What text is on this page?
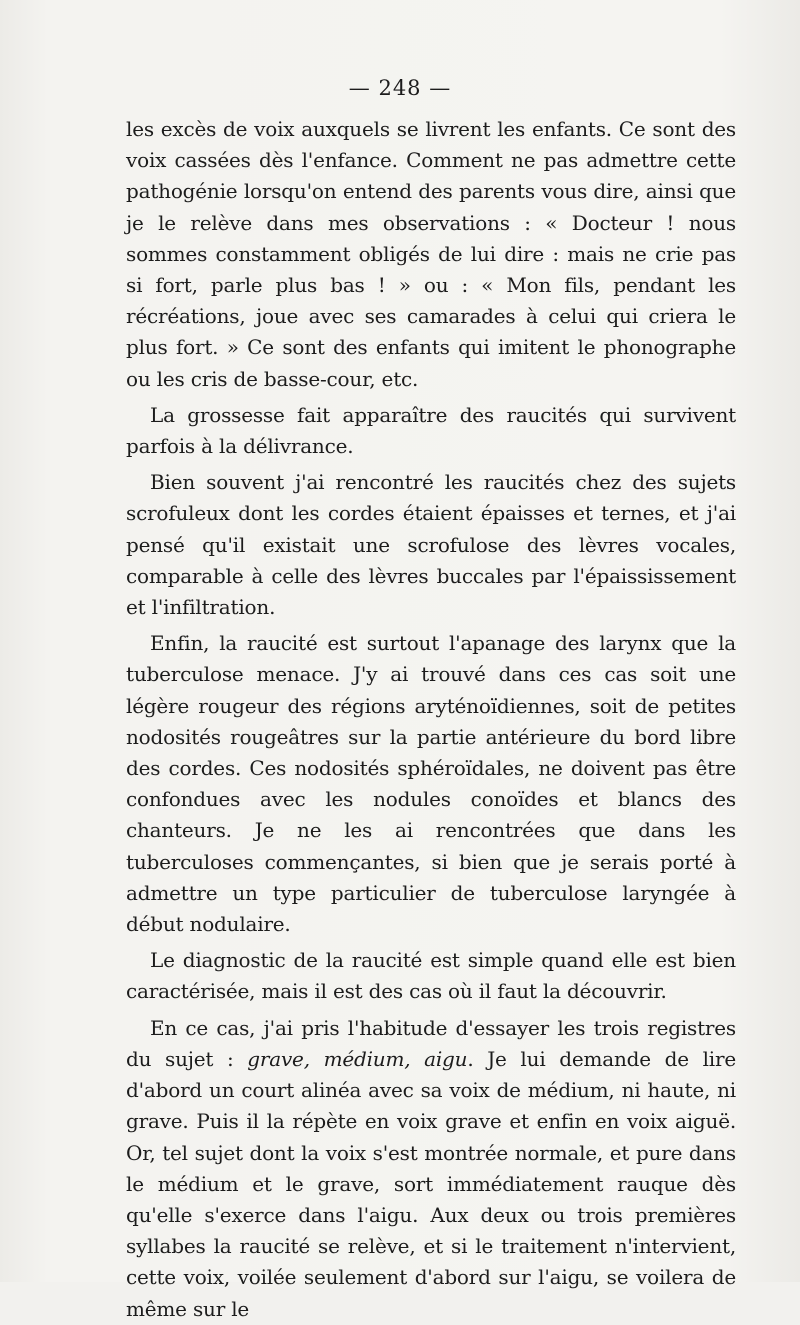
— 248 —

les excès de voix auxquels se livrent les enfants. Ce sont des voix cassées dès l'enfance. Comment ne pas admettre cette pathogénie lorsqu'on entend des parents vous dire, ainsi que je le relève dans mes observations : « Docteur ! nous sommes constamment obligés de lui dire : mais ne crie pas si fort, parle plus bas ! » ou : « Mon fils, pendant les récréations, joue avec ses camarades à celui qui criera le plus fort. » Ce sont des enfants qui imitent le phonographe ou les cris de basse-cour, etc.

La grossesse fait apparaître des raucités qui survivent parfois à la délivrance.

Bien souvent j'ai rencontré les raucités chez des sujets scrofuleux dont les cordes étaient épaisses et ternes, et j'ai pensé qu'il existait une scrofulose des lèvres vocales, comparable à celle des lèvres buccales par l'épaississement et l'infiltration.

Enfin, la raucité est surtout l'apanage des larynx que la tuberculose menace. J'y ai trouvé dans ces cas soit une légère rougeur des régions aryténoïdiennes, soit de petites nodosités rougeâtres sur la partie antérieure du bord libre des cordes. Ces nodosités sphéroïdales, ne doivent pas être confondues avec les nodules conoïdes et blancs des chanteurs. Je ne les ai rencontrées que dans les tuberculoses commençantes, si bien que je serais porté à admettre un type particulier de tuberculose laryngée à début nodulaire.

Le diagnostic de la raucité est simple quand elle est bien caractérisée, mais il est des cas où il faut la découvrir.

En ce cas, j'ai pris l'habitude d'essayer les trois registres du sujet : grave, médium, aigu. Je lui demande de lire d'abord un court alinéa avec sa voix de médium, ni haute, ni grave. Puis il la répète en voix grave et enfin en voix aiguë. Or, tel sujet dont la voix s'est montrée normale, et pure dans le médium et le grave, sort immédiatement rauque dès qu'elle s'exerce dans l'aigu. Aux deux ou trois premières syllabes la raucité se relève, et si le traitement n'intervient, cette voix, voilée seulement d'abord sur l'aigu, se voilera de même sur le
